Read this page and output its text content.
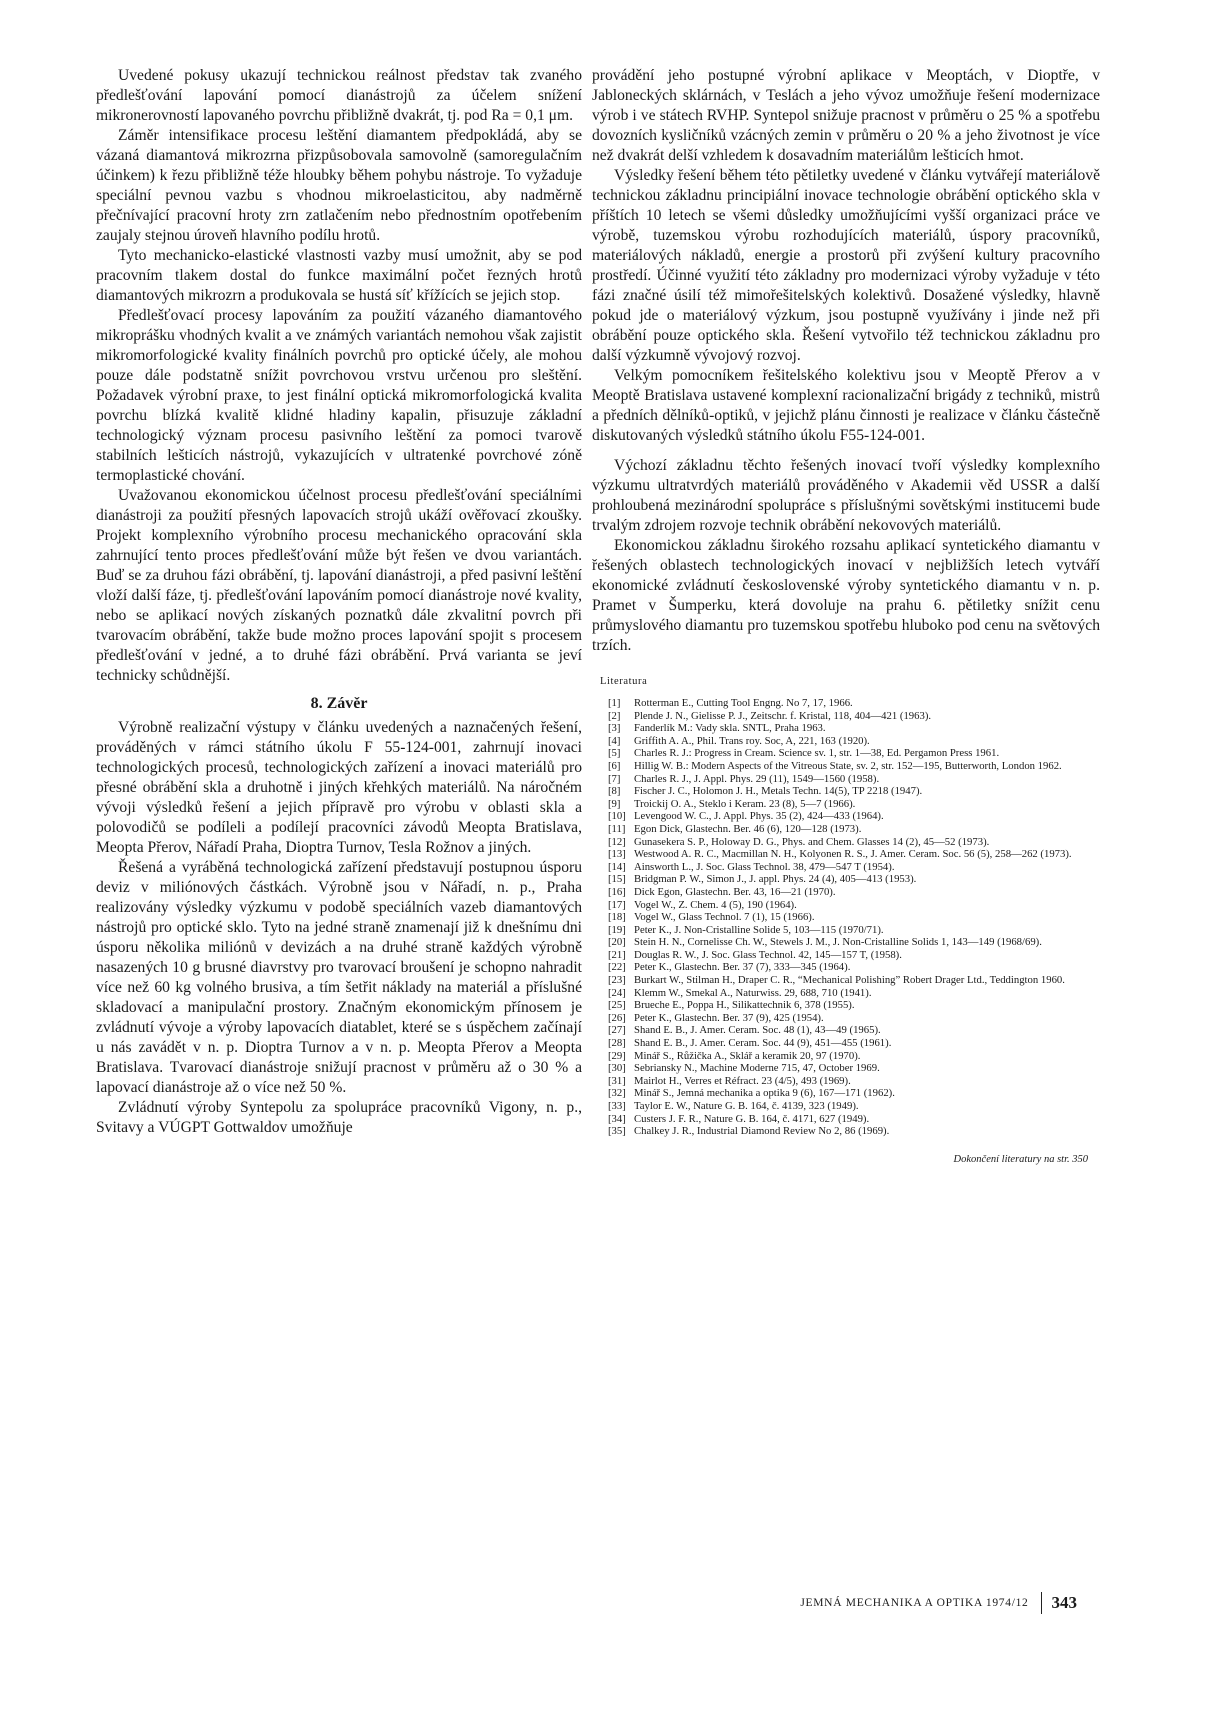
Uvedené pokusy ukazují technickou reálnost představ tak zvaného předlešťování lapování pomocí dianástrojů za účelem snížení mikronerovností lapovaného povrchu přibližně dvakrát, tj. pod Ra = 0,1 μm.

Záměr intensifikace procesu leštění diamantem předpokládá, aby se vázaná diamantová mikrozrna přizpůsobovala samovolně (samoregulačním účinkem) k řezu přibližně téže hloubky během pohybu nástroje. To vyžaduje speciální pevnou vazbu s vhodnou mikroelasticitou, aby nadměrně přečnívající pracovní hroty zrn zatlačením nebo přednostním opotřebením zaujaly stejnou úroveň hlavního podílu hrotů.

Tyto mechanicko-elastické vlastnosti vazby musí umožnit, aby se pod pracovním tlakem dostal do funkce maximální počet řezných hrotů diamantových mikrozrn a produkovala se hustá síť křížících se jejich stop.

Předlešťovací procesy lapováním za použití vázaného diamantového mikroprášku vhodných kvalit a ve známých variantách nemohou však zajistit mikromorfologické kvality finálních povrchů pro optické účely, ale mohou pouze dále podstatně snížit povrchovou vrstvu určenou pro sleštění. Požadavek výrobní praxe, to jest finální optická mikromorfologická kvalita povrchu blízká kvalitě klidné hladiny kapalin, přisuzuje základní technologický význam procesu pasivního leštění za pomoci tvarově stabilních lešticích nástrojů, vykazujících v ultratenké povrchové zóně termoplastické chování.

Uvažovanou ekonomickou účelnost procesu předlešťování speciálními dianástroji za použití přesných lapovacích strojů ukáží ověřovací zkoušky. Projekt komplexního výrobního procesu mechanického opracování skla zahrnující tento proces předlešťování může být řešen ve dvou variantách. Buď se za druhou fázi obrábění, tj. lapování dianástroji, a před pasivní leštění vloží další fáze, tj. předlešťování lapováním pomocí dianástroje nové kvality, nebo se aplikací nových získaných poznatků dále zkvalitní povrch při tvarovacím obrábění, takže bude možno proces lapování spojit s procesem předlešťování v jedné, a to druhé fázi obrábění. Prvá varianta se jeví technicky schůdnější.

8. Závěr

Výrobně realizační výstupy v článku uvedených a naznačených řešení, prováděných v rámci státního úkolu F 55-124-001, zahrnují inovaci technologických procesů, technologických zařízení a inovaci materiálů pro přesné obrábění skla a druhotně i jiných křehkých materiálů. Na náročném vývoji výsledků řešení a jejich přípravě pro výrobu v oblasti skla a polovodičů se podíleli a podílejí pracovníci závodů Meopta Bratislava, Meopta Přerov, Nářadí Praha, Dioptra Turnov, Tesla Rožnov a jiných.

Řešená a vyráběná technologická zařízení představují postupnou úsporu deviz v miliónových částkách. Výrobně jsou v Nářadí, n. p., Praha realizovány výsledky výzkumu v podobě speciálních vazeb diamantových nástrojů pro optické sklo. Tyto na jedné straně znamenají již k dnešnímu dni úsporu několika miliónů v devizách a na druhé straně každých výrobně nasazených 10 g brusné diavrstvy pro tvarovací broušení je schopno nahradit více než 60 kg volného brusiva, a tím šetřit náklady na materiál a příslušné skladovací a manipulační prostory. Značným ekonomickým přínosem je zvládnutí vývoje a výroby lapovacích diatablet, které se s úspěchem začínají u nás zavádět v n. p. Dioptra Turnov a v n. p. Meopta Přerov a Meopta Bratislava. Tvarovací dianástroje snižují pracnost v průměru až o 30 % a lapovací dianástroje až o více než 50 %.

Zvládnutí výroby Syntepolu za spolupráce pracovníků Vigony, n. p., Svitavy a VÚGPT Gottwaldov umožňuje

provádění jeho postupné výrobní aplikace v Meoptách, v Dioptře, v Jabloneckých sklárnách, v Teslách a jeho vývoz umožňuje řešení modernizace výrob i ve státech RVHP. Syntepol snižuje pracnost v průměru o 25 % a spotřebu dovozních kysličníků vzácných zemin v průměru o 20 % a jeho životnost je více než dvakrát delší vzhledem k dosavadním materiálům lešticích hmot.

Výsledky řešení během této pětiletky uvedené v článku vytvářejí materiálově technickou základnu principiální inovace technologie obrábění optického skla v příštích 10 letech se všemi důsledky umožňujícími vyšší organizaci práce ve výrobě, tuzemskou výrobu rozhodujících materiálů, úspory pracovníků, materiálových nákladů, energie a prostorů při zvýšení kultury pracovního prostředí. Účinné využití této základny pro modernizaci výroby vyžaduje v této fázi značné úsilí též mimořešitelských kolektivů. Dosažené výsledky, hlavně pokud jde o materiálový výzkum, jsou postupně využívány i jinde než při obrábění pouze optického skla. Řešení vytvořilo též technickou základnu pro další výzkumně vývojový rozvoj.

Velkým pomocníkem řešitelského kolektivu jsou v Meoptě Přerov a v Meoptě Bratislava ustavené komplexní racionalizační brigády z techniků, mistrů a předních dělníků-optiků, v jejichž plánu činnosti je realizace v článku částečně diskutovaných výsledků státního úkolu F55-124-001.

Výchozí základnu těchto řešených inovací tvoří výsledky komplexního výzkumu ultratvrdých materiálů prováděného v Akademii věd USSR a další prohloubená mezinárodní spolupráce s příslušnými sovětskými institucemi bude trvalým zdrojem rozvoje technik obrábění nekovových materiálů.

Ekonomickou základnu širokého rozsahu aplikací syntetického diamantu v řešených oblastech technologických inovací v nejbližších letech vytváří ekonomické zvládnutí československé výroby syntetického diamantu v n. p. Pramet v Šumperku, která dovoluje na prahu 6. pětiletky snížit cenu průmyslového diamantu pro tuzemskou spotřebu hluboko pod cenu na světových trzích.

Literatura
[1]	Rotterman E., Cutting Tool Engng. No 7, 17, 1966.
[2]	Plende J. N., Gielisse P. J., Zeitschr. f. Kristal, 118, 404—421 (1963).
[3]	Fanderlík M.: Vady skla. SNTL, Praha 1963.
[4]	Griffith A. A., Phil. Trans roy. Soc, A, 221, 163 (1920).
[5]	Charles R. J.: Progress in Cream. Science sv. 1, str. 1—38, Ed. Pergamon Press 1961.
[6]	Hillig W. B.: Modern Aspects of the Vitreous State, sv. 2, str. 152—195, Butterworth, London 1962.
[7]	Charles R. J., J. Appl. Phys. 29 (11), 1549—1560 (1958).
[8]	Fischer J. C., Holomon J. H., Metals Techn. 14(5), TP 2218 (1947).
[9]	Troickij O. A., Steklo i Keram. 23 (8), 5—7 (1966).
[10] Levengood W. C., J. Appl. Phys. 35 (2), 424—433 (1964).
[11] Egon Dick, Glastechn. Ber. 46 (6), 120—128 (1973).
[12] Gunasekera S. P., Holoway D. G., Phys. and Chem. Glasses 14 (2), 45—52 (1973).
[13] Westwood A. R. C., Macmillan N. H., Kolyonen R. S., J. Amer. Ceram. Soc. 56 (5), 258—262 (1973).
[14] Ainsworth L., J. Soc. Glass Technol. 38, 479—547 T (1954).
[15] Bridgman P. W., Simon J., J. appl. Phys. 24 (4), 405—413 (1953).
[16] Dick Egon, Glastechn. Ber. 43, 16—21 (1970).
[17] Vogel W., Z. Chem. 4 (5), 190 (1964).
[18] Vogel W., Glass Technol. 7 (1), 15 (1966).
[19] Peter K., J. Non-Cristalline Solide 5, 103—115 (1970/71).
[20] Stein H. N., Cornelisse Ch. W., Stewels J. M., J. Non-Cristalline Solids 1, 143—149 (1968/69).
[21] Douglas R. W., J. Soc. Glass Technol. 42, 145—157 T, (1958).
[22] Peter K., Glastechn. Ber. 37 (7), 333—345 (1964).
[23] Burkart W., Stilman H., Draper C. R., “Mechanical Polishing” Robert Drager Ltd., Teddington 1960.
[24] Klemm W., Smekal A., Naturwiss. 29, 688, 710 (1941).
[25] Brueche E., Poppa H., Silikattechnik 6, 378 (1955).
[26] Peter K., Glastechn. Ber. 37 (9), 425 (1954).
[27] Shand E. B., J. Amer. Ceram. Soc. 48 (1), 43—49 (1965).
[28] Shand E. B., J. Amer. Ceram. Soc. 44 (9), 451—455 (1961).
[29] Minář S., Růžička A., Sklář a keramik 20, 97 (1970).
[30] Sebriansky N., Machine Moderne 715, 47, October 1969.
[31] Mairlot H., Verres et Réfract. 23 (4/5), 493 (1969).
[32] Minář S., Jemná mechanika a optika 9 (6), 167—171 (1962).
[33] Taylor E. W., Nature G. B. 164, č. 4139, 323 (1949).
[34] Custers J. F. R., Nature G. B. 164, č. 4171, 627 (1949).
[35] Chalkey J. R., Industrial Diamond Review No 2, 86 (1969).
Dokončení literatury na str. 350
JEMNÁ MECHANIKA A OPTIKA 1974/12 343
